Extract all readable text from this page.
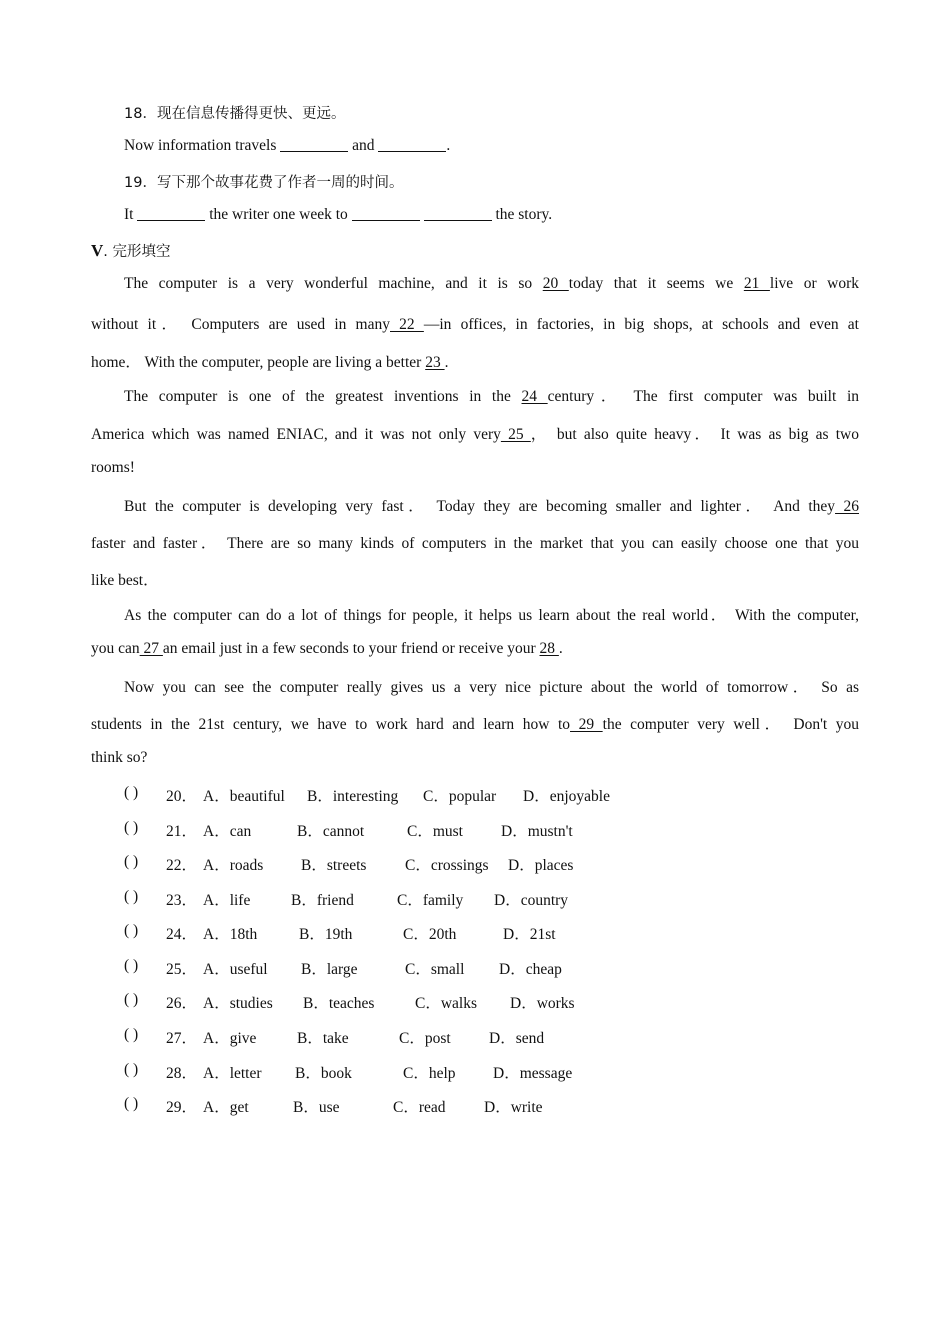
18．现在信息传播得更快、更远。
Now information travels	and	.
19．写下那个故事花费了作者一周的时间。
It	the writer one week to	the story.
V. 完形填空
The computer is a very wonderful machine, and it is so 20 today that it seems we 21 live or work
without it． Computers are used in many 22 —in offices, in factories, in big shops, at schools and even at
home． With the computer, people are living a better 23 .
The computer is one of the greatest inventions in the 24 century． The first computer was built in
America which was named ENIAC, and it was not only very 25 ， but also quite heavy． It was as big as two
rooms!
But the computer is developing very fast． Today they are becoming smaller and lighter． And they 26
faster and faster． There are so many kinds of computers in the market that you can easily choose one that you
like best．
As the computer can do a lot of things for people, it helps us learn about the real world． With the computer,
you can 27 an email just in a few seconds to your friend or receive your 28 .
Now you can see the computer really gives us a very nice picture about the world of tomorrow． So as
students in the 21st century, we have to work hard and learn how to 29 the computer very well． Don't you
think so?
( ) 20． A．beautiful B．interesting C．popular D．enjoyable
( ) 21． A．can	B．cannot	C．must D．mustn't
( ) 22． A．roads B．streets C．crossings D．places
( ) 23． A．life	B．friend	C．family D．country
( ) 24． A．18th	B．19th	C．20th	D．21st
( ) 25． A．useful B．large	C．small D．cheap
( ) 26． A．studies B．teaches	C．walks D．works
( ) 27． A．give	B．take	C．post D．send
( ) 28． A．letter B．book	C．help D．message
( ) 29． A．get	B．use	C．read D．write
